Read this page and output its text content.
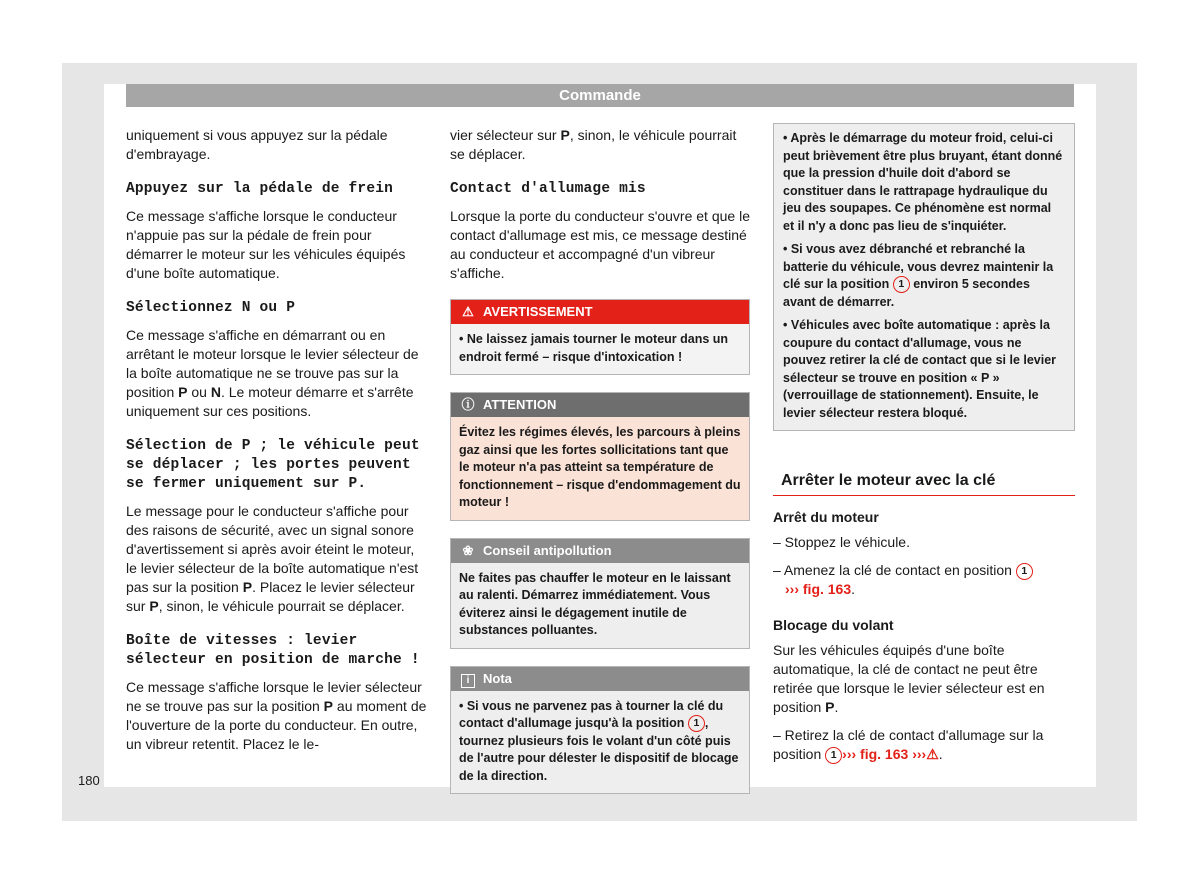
Commande

uniquement si vous appuyez sur la pédale d'embrayage.

Appuyez sur la pédale de frein

Ce message s'affiche lorsque le conducteur n'appuie pas sur la pédale de frein pour démarrer le moteur sur les véhicules équipés d'une boîte automatique.

Sélectionnez N ou P

Ce message s'affiche en démarrant ou en arrêtant le moteur lorsque le levier sélecteur de la boîte automatique ne se trouve pas sur la position P ou N. Le moteur démarre et s'arrête uniquement sur ces positions.

Sélection de P ; le véhicule peut se déplacer ; les portes peuvent se fermer uniquement sur P.

Le message pour le conducteur s'affiche pour des raisons de sécurité, avec un signal sonore d'avertissement si après avoir éteint le moteur, le levier sélecteur de la boîte automatique n'est pas sur la position P. Placez le levier sélecteur sur P, sinon, le véhicule pourrait se déplacer.

Boîte de vitesses : levier sélecteur en position de marche !

Ce message s'affiche lorsque le levier sélecteur ne se trouve pas sur la position P au moment de l'ouverture de la porte du conducteur. En outre, un vibreur retentit. Placez le le-

vier sélecteur sur P, sinon, le véhicule pourrait se déplacer.

Contact d'allumage mis

Lorsque la porte du conducteur s'ouvre et que le contact d'allumage est mis, ce message destiné au conducteur et accompagné d'un vibreur s'affiche.

⚠ AVERTISSEMENT
• Ne laissez jamais tourner le moteur dans un endroit fermé – risque d'intoxication !
ⓘ ATTENTION
Évitez les régimes élevés, les parcours à pleins gaz ainsi que les fortes sollicitations tant que le moteur n'a pas atteint sa température de fonctionnement – risque d'endommagement du moteur !
❀ Conseil antipollution
Ne faites pas chauffer le moteur en le laissant au ralenti. Démarrez immédiatement. Vous éviterez ainsi le dégagement inutile de substances polluantes.
i Nota
• Si vous ne parvenez pas à tourner la clé du contact d'allumage jusqu'à la position 1 , tournez plusieurs fois le volant d'un côté puis de l'autre pour délester le dispositif de blocage de la direction.

• Après le démarrage du moteur froid, celui-ci peut brièvement être plus bruyant, étant donné que la pression d'huile doit d'abord se constituer dans le rattrapage hydraulique du jeu des soupapes. Ce phénomène est normal et il n'y a donc pas lieu de s'inquiéter.

• Si vous avez débranché et rebranché la batterie du véhicule, vous devrez maintenir la clé sur la position 1 environ 5 secondes avant de démarrer.

• Véhicules avec boîte automatique : après la coupure du contact d'allumage, vous ne pouvez retirer la clé de contact que si le levier sélecteur se trouve en position « P » (verrouillage de stationnement). Ensuite, le levier sélecteur restera bloqué.

Arrêter le moteur avec la clé
Arrêt du moteur
– Stoppez le véhicule.
– Amenez la clé de contact en position 1
››› fig. 163.
Blocage du volant

Sur les véhicules équipés d'une boîte automatique, la clé de contact ne peut être retirée que lorsque le levier sélecteur est en position P.

– Retirez la clé de contact d'allumage sur la position 1 ››› fig. 163 ›››⚠.
180
